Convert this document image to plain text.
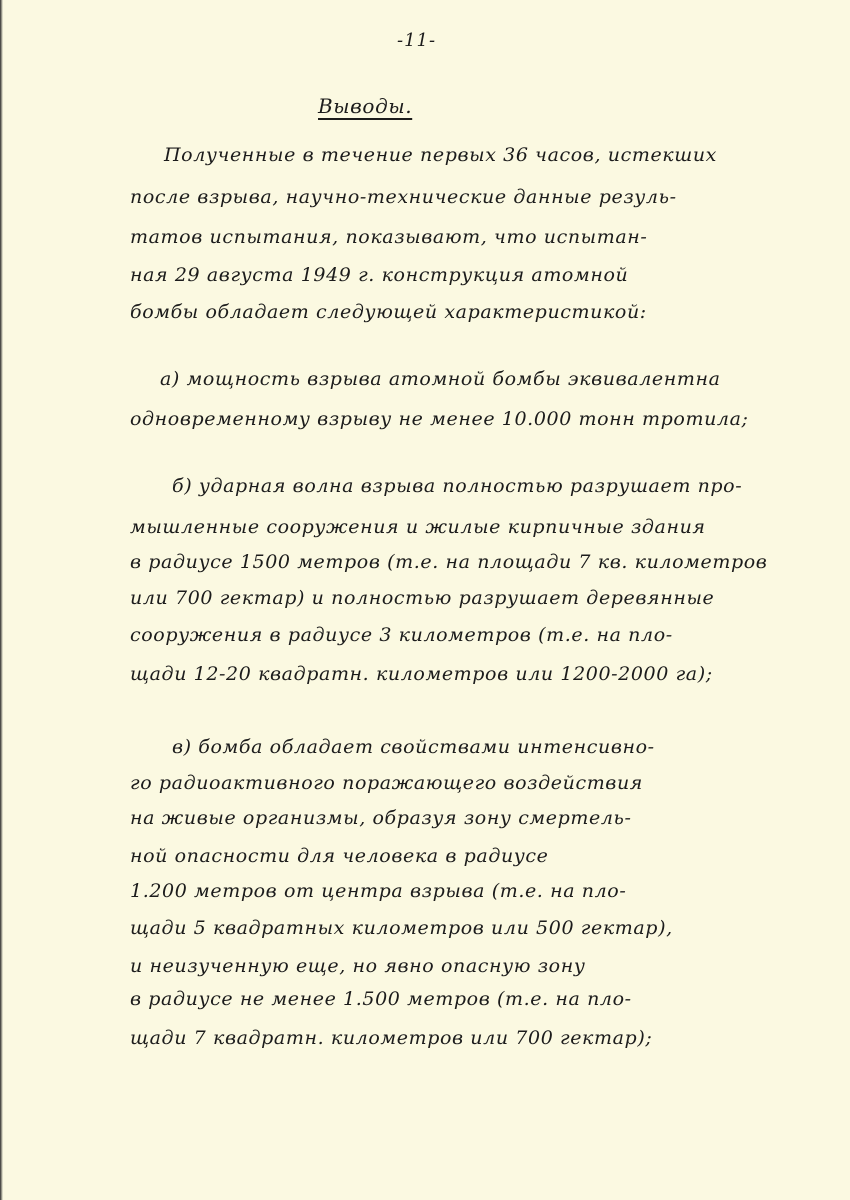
-11-
Выводы.
Полученные в течение первых 36 часов, истекших
после взрыва, научно-технические данные резуль-
татов испытания, показывают, что испытан-
ная 29 августа 1949 г. конструкция атомной
бомбы обладает следующей характеристикой:
а) мощность взрыва атомной бомбы эквивалентна
одновременному взрыву не менее 10.000 тонн тротила;
б) ударная волна взрыва полностью разрушает про-
мышленные сооружения и жилые кирпичные здания
в радиусе 1500 метров (т.е. на площади 7 кв. километров
или 700 гектар) и полностью разрушает деревянные
сооружения в радиусе 3 километров (т.е. на пло-
щади 12-20 квадратн. километров или 1200-2000 га);
в) бомба обладает свойствами интенсивно-
го радиоактивного поражающего воздействия
на живые организмы, образуя зону смертель-
ной опасности для человека в радиусе
1.200 метров от центра взрыва (т.е. на пло-
щади 5 квадратных километров или 500 гектар),
и неизученную еще, но явно опасную зону
в радиусе не менее 1.500 метров (т.е. на пло-
щади 7 квадратн. километров или 700 гектар);
